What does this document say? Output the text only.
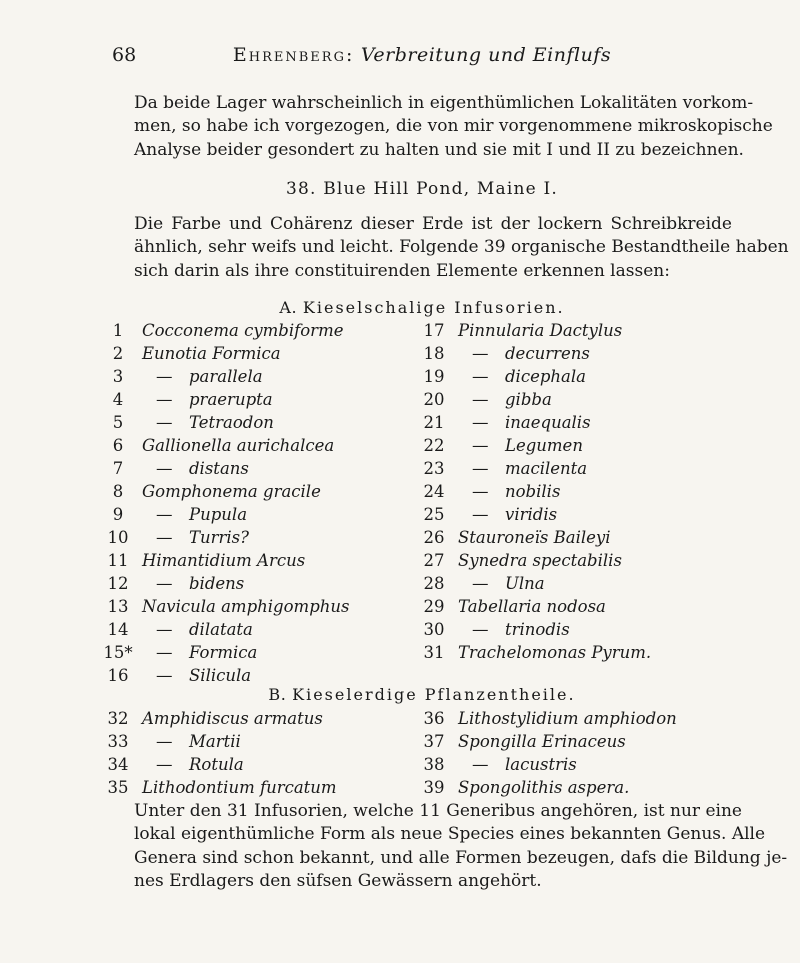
68	Ehrenberg: Verbreitung und Einflufs
Da beide Lager wahrscheinlich in eigenthümlichen Lokalitäten vorkom-
men, so habe ich vorgezogen, die von mir vorgenommene mikroskopische
Analyse beider gesondert zu halten und sie mit I und II zu bezeichnen.
38. Blue Hill Pond, Maine I.
Die Farbe und Cohärenz dieser Erde ist der lockern Schreibkreide
ähnlich, sehr weifs und leicht. Folgende 39 organische Bestandtheile haben
sich darin als ihre constituirenden Elemente erkennen lassen:
A. Kieselschalige Infusorien.
1	Cocconema cymbiforme
2	Eunotia Formica
3	— parallela
4	— praerupta
5	— Tetraodon
6	Gallionella aurichalcea
7	— distans
8	Gomphonema gracile
9	— Pupula
10	— Turris?
11 Himantidium Arcus
12	— bidens
13 Navicula amphigomphus
14	— dilatata
15* — Formica
16	— Silicula
17 Pinnularia Dactylus
18	— decurrens
19	— dicephala
20	— gibba
21	— inaequalis
22	— Legumen
23	— macilenta
24	— nobilis
25	— viridis
26 Stauroneïs Baileyi
27 Synedra spectabilis
28	— Ulna
29 Tabellaria nodosa
30	— trinodis
31 Trachelomonas Pyrum.
B. Kieselerdige Pflanzentheile.
32 Amphidiscus armatus
33	— Martii
34	— Rotula
35 Lithodontium furcatum
36 Lithostylidium amphiodon
37 Spongilla Erinaceus
38	— lacustris
39 Spongolithis aspera.
Unter den 31 Infusorien, welche 11 Generibus angehören, ist nur eine
lokal eigenthümliche Form als neue Species eines bekannten Genus. Alle
Genera sind schon bekannt, und alle Formen bezeugen, dafs die Bildung je-
nes Erdlagers den süfsen Gewässern angehört.
